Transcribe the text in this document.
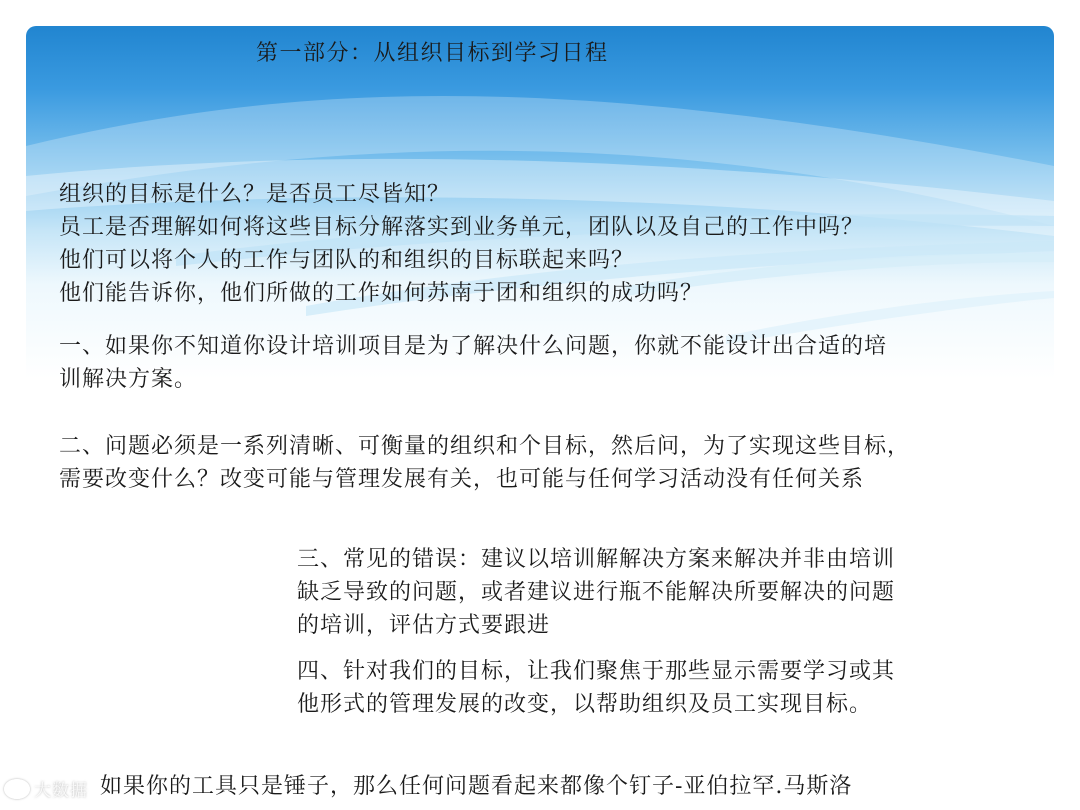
第一部分：从组织目标到学习日程
组织的目标是什么？是否员工尽皆知？
员工是否理解如何将这些目标分解落实到业务单元，团队以及自己的工作中吗？
他们可以将个人的工作与团队的和组织的目标联起来吗？
他们能告诉你，他们所做的工作如何苏南于团和组织的成功吗？
一、如果你不知道你设计培训项目是为了解决什么问题，你就不能设计出合适的培
训解决方案。
二、问题必须是一系列清晰、可衡量的组织和个目标，然后问，为了实现这些目标，
需要改变什么？改变可能与管理发展有关，也可能与任何学习活动没有任何关系
三、常见的错误：建议以培训解解决方案来解决并非由培训
缺乏导致的问题，或者建议进行瓶不能解决所要解决的问题
的培训，评估方式要跟进
四、针对我们的目标，让我们聚焦于那些显示需要学习或其
他形式的管理发展的改变，以帮助组织及员工实现目标。
如果你的工具只是锤子，那么任何问题看起来都像个钉子-亚伯拉罕.马斯洛
大数据
